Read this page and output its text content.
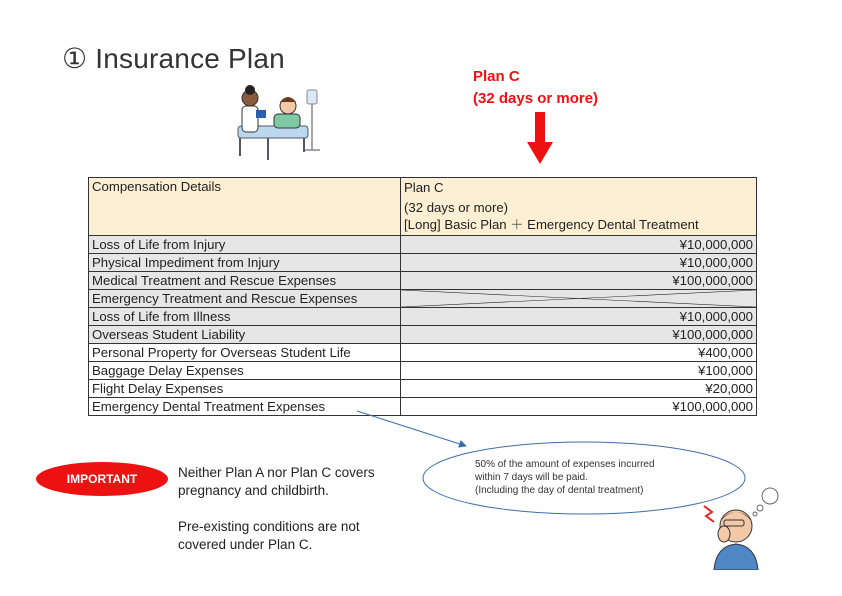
① Insurance Plan
Plan C
(32 days or more)
Compensation Details	Plan C
(32 days or more)
[Long] Basic Plan ＋ Emergency Dental Treatment

Loss of Life from Injury	¥10,000,000
Physical Impediment from Injury	¥10,000,000
Medical Treatment and Rescue Expenses	¥100,000,000
Emergency Treatment and Rescue Expenses	

Loss of Life from Illness	¥10,000,000
Overseas Student Liability	¥100,000,000
Personal Property for Overseas Student Life	¥400,000
Baggage Delay Expenses	¥100,000
Flight Delay Expenses	¥20,000
Emergency Dental Treatment Expenses	¥100,000,000
50% of the amount of expenses incurred
within 7 days will be paid.
(Including the day of dental treatment)
IMPORTANT	Neither Plan A nor Plan C covers
pregnancy and childbirth.
Pre-existing conditions are not
covered under Plan C.
